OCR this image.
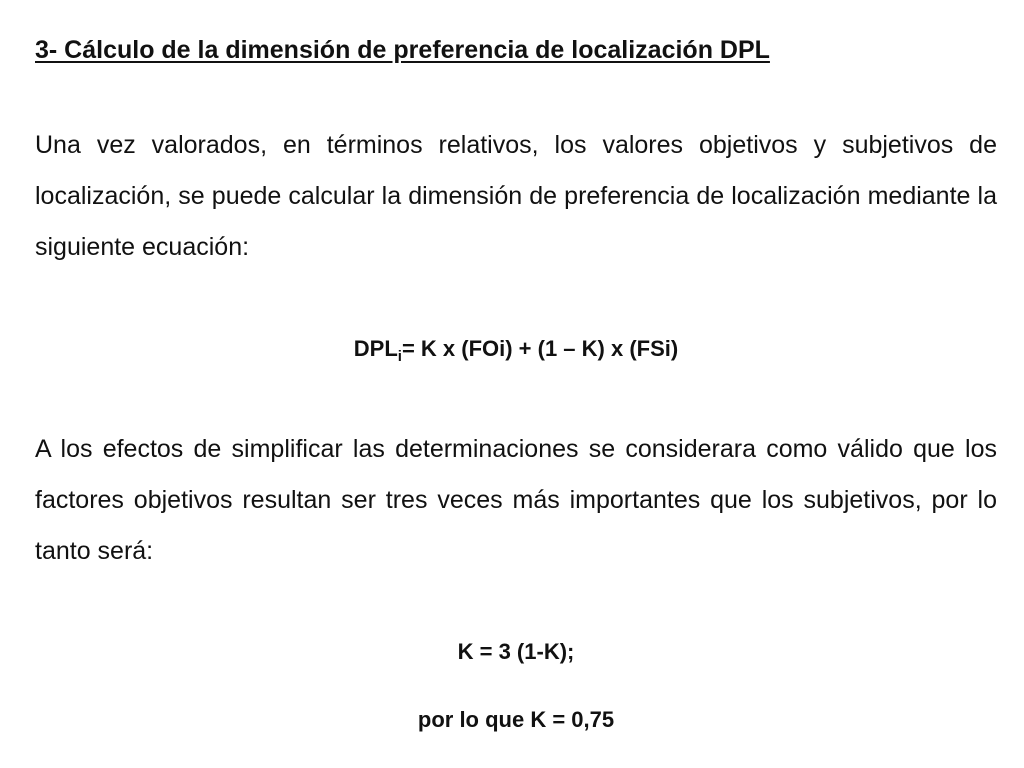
3- Cálculo de la dimensión de preferencia de localización DPL
Una vez valorados, en términos relativos, los valores objetivos y subjetivos de localización, se puede calcular la dimensión de preferencia de localización mediante la siguiente ecuación:
$DPL_i= K$ x (FOi) + (1 – K) x (FSi)
A los efectos de simplificar las determinaciones se considerara como válido que los factores objetivos resultan ser tres veces más importantes que los subjetivos, por lo tanto será:
K = 3 (1-K);
por lo que K = 0,75
